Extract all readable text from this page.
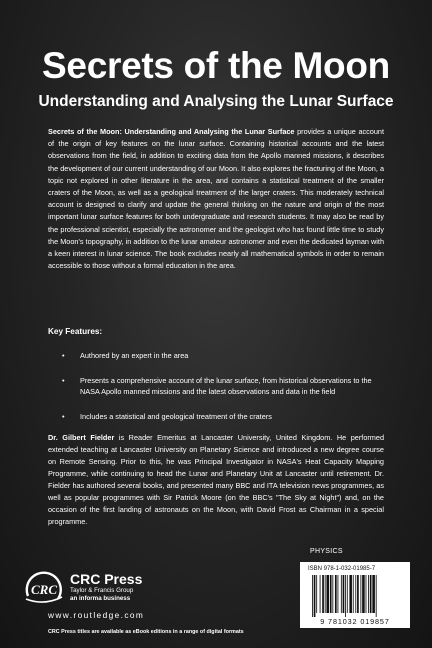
Secrets of the Moon
Understanding and Analysing the Lunar Surface

Secrets of the Moon: Understanding and Analysing the Lunar Surface provides a unique account of the origin of key features on the lunar surface. Containing historical accounts and the latest observations from the field, in addition to exciting data from the Apollo manned missions, it describes the development of our current understanding of our Moon. It also explores the fracturing of the Moon, a topic not explored in other literature in the area, and contains a statistical treatment of the smaller craters of the Moon, as well as a geological treatment of the larger craters. This moderately technical account is designed to clarify and update the general thinking on the nature and origin of the most important lunar surface features for both undergraduate and research students. It may also be read by the professional scientist, especially the astronomer and the geologist who has found little time to study the Moon's topography, in addition to the lunar amateur astronomer and even the dedicated layman with a keen interest in lunar science. The book excludes nearly all mathematical symbols in order to remain accessible to those without a formal education in the area.

Key Features:
• Authored by an expert in the area
• Presents a comprehensive account of the lunar surface, from historical observations to the NASA Apollo manned missions and the latest observations and data in the field
• Includes a statistical and geological treatment of the craters

Dr. Gilbert Fielder is Reader Emeritus at Lancaster University, United Kingdom. He performed extended teaching at Lancaster University on Planetary Science and introduced a new degree course on Remote Sensing. Prior to this, he was Principal Investigator in NASA's Heat Capacity Mapping Programme, while continuing to head the Lunar and Planetary Unit at Lancaster until retirement. Dr. Fielder has authored several books, and presented many BBC and ITA television news programmes, as well as popular programmes with Sir Patrick Moore (on the BBC's "The Sky at Night") and, on the occasion of the first landing of astronauts on the Moon, with David Frost as Chairman in a special programme.

CRC
CRC Press
Taylor & Francis Group
an informa business
www.routledge.com
CRC Press titles are available as eBook editions in a range of digital formats
PHYSICS
ISBN 978-1-032-01985-7
9 781032 019857
